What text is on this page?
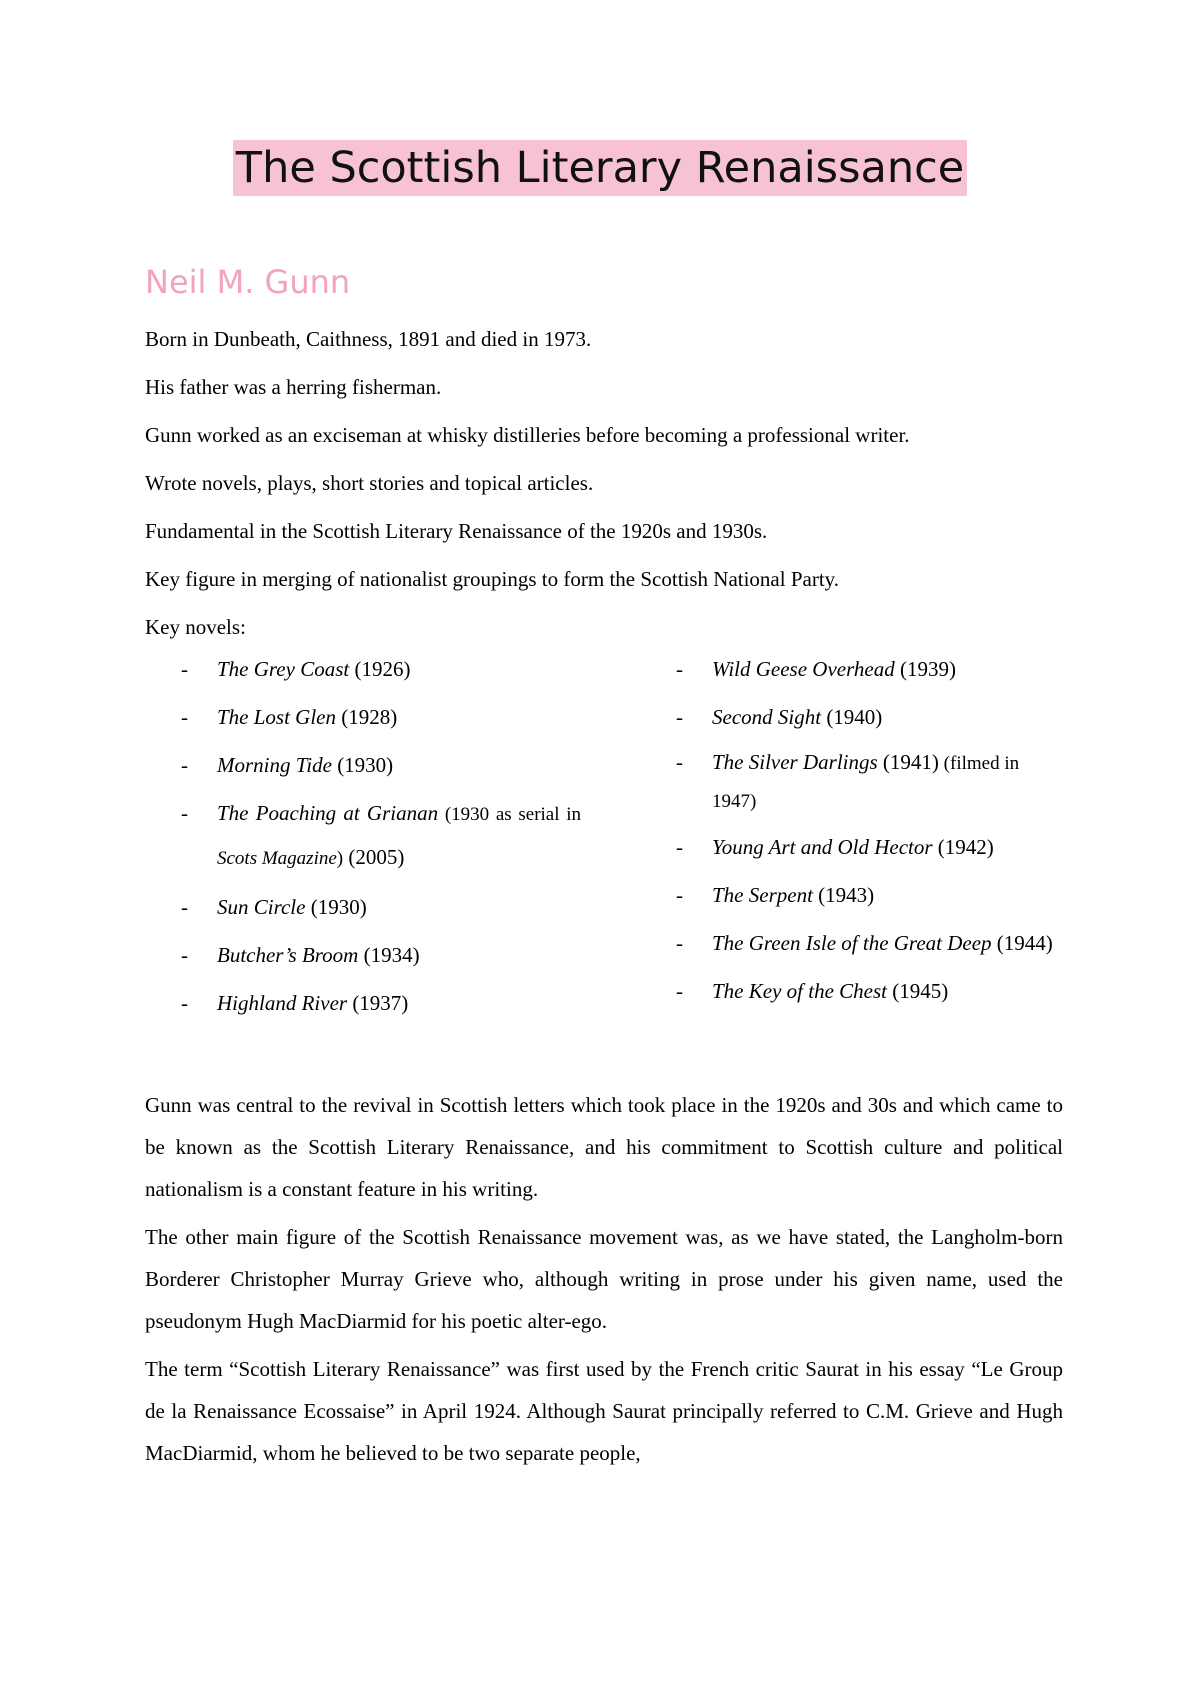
The Scottish Literary Renaissance
Neil M. Gunn

Born in Dunbeath, Caithness, 1891 and died in 1973.

His father was a herring fisherman.

Gunn worked as an exciseman at whisky distilleries before becoming a professional writer.

Wrote novels, plays, short stories and topical articles.

Fundamental in the Scottish Literary Renaissance of the 1920s and 1930s.

Key figure in merging of nationalist groupings to form the Scottish National Party.

Key novels:

- The Grey Coast (1926)
- The Lost Glen (1928)
- Morning Tide (1930)
- The Poaching at Grianan (1930 as serial in Scots Magazine) (2005)
- Sun Circle (1930)
- Butcher’s Broom (1934)
- Highland River (1937)
- Wild Geese Overhead (1939)
- Second Sight (1940)
- The Silver Darlings (1941) (filmed in 1947)
- Young Art and Old Hector (1942)
- The Serpent (1943)
- The Green Isle of the Great Deep (1944)
- The Key of the Chest (1945)

Gunn was central to the revival in Scottish letters which took place in the 1920s and 30s and which came to be known as the Scottish Literary Renaissance, and his commitment to Scottish culture and political nationalism is a constant feature in his writing.

The other main figure of the Scottish Renaissance movement was, as we have stated, the Langholm-born Borderer Christopher Murray Grieve who, although writing in prose under his given name, used the pseudonym Hugh MacDiarmid for his poetic alter-ego.

The term “Scottish Literary Renaissance” was first used by the French critic Saurat in his essay “Le Group de la Renaissance Ecossaise” in April 1924. Although Saurat principally referred to C.M. Grieve and Hugh MacDiarmid, whom he believed to be two separate people,
